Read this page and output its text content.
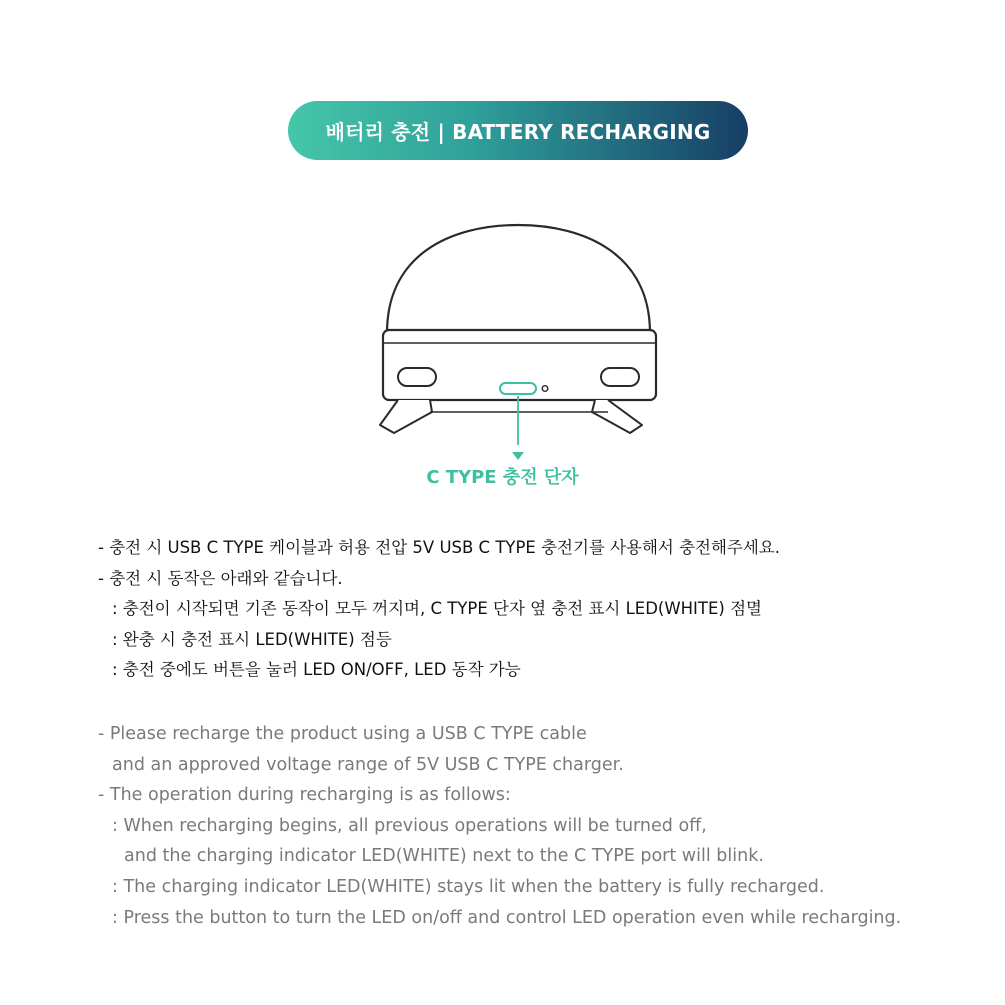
배터리 충전 | BATTERY RECHARGING
C TYPE 충전 단자
- 충전 시 USB C TYPE 케이블과 허용 전압 5V USB C TYPE 충전기를 사용해서 충전해주세요.
- 충전 시 동작은 아래와 같습니다.
: 충전이 시작되면 기존 동작이 모두 꺼지며, C TYPE 단자 옆 충전 표시 LED(WHITE) 점멸
: 완충 시 충전 표시 LED(WHITE) 점등
: 충전 중에도 버튼을 눌러 LED ON/OFF, LED 동작 가능
- Please recharge the product using a USB C TYPE cable
and an approved voltage range of 5V USB C TYPE charger.
- The operation during recharging is as follows:
: When recharging begins, all previous operations will be turned off,
and the charging indicator LED(WHITE) next to the C TYPE port will blink.
: The charging indicator LED(WHITE) stays lit when the battery is fully recharged.
: Press the button to turn the LED on/off and control LED operation even while recharging.
